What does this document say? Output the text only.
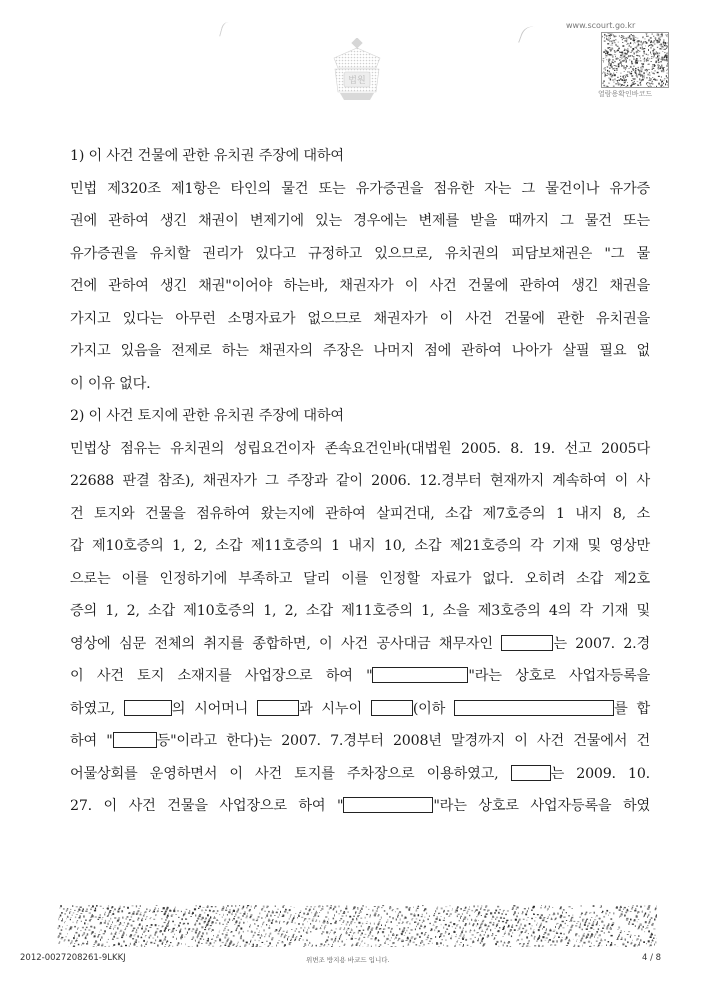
법원
www.scourt.go.kr
열람용확인바코드
1) 이 사건 건물에 관한 유치권 주장에 대하여
민법 제320조 제1항은 타인의 물건 또는 유가증권을 점유한 자는 그 물건이나 유가증
권에 관하여 생긴 채권이 변제기에 있는 경우에는 변제를 받을 때까지 그 물건 또는
유가증권을 유치할 권리가 있다고 규정하고 있으므로, 유치권의 피담보채권은 "그 물
건에 관하여 생긴 채권"이어야 하는바, 채권자가 이 사건 건물에 관하여 생긴 채권을
가지고 있다는 아무런 소명자료가 없으므로 채권자가 이 사건 건물에 관한 유치권을
가지고 있음을 전제로 하는 채권자의 주장은 나머지 점에 관하여 나아가 살필 필요 없
이 이유 없다.
2) 이 사건 토지에 관한 유치권 주장에 대하여
민법상 점유는 유치권의 성립요건이자 존속요건인바(대법원 2005. 8. 19. 선고 2005다
22688 판결 참조), 채권자가 그 주장과 같이 2006. 12.경부터 현재까지 계속하여 이 사
건 토지와 건물을 점유하여 왔는지에 관하여 살피건대, 소갑 제7호증의 1 내지 8, 소
갑 제10호증의 1, 2, 소갑 제11호증의 1 내지 10, 소갑 제21호증의 각 기재 및 영상만
으로는 이를 인정하기에 부족하고 달리 이를 인정할 자료가 없다. 오히려 소갑 제2호
증의 1, 2, 소갑 제10호증의 1, 2, 소갑 제11호증의 1, 소을 제3호증의 4의 각 기재 및
영상에 심문 전체의 취지를 종합하면, 이 사건 공사대금 채무자인	는 2007. 2.경
이 사건 토지 소재지를 사업장으로 하여 "	"라는 상호로 사업자등록을
하였고,	의 시어머니	과 시누이	(이하	를 합
하여 "	등"이라고 한다)는 2007. 7.경부터 2008년 말경까지 이 사건 건물에서 건
어물상회를 운영하면서 이 사건 토지를 주차장으로 이용하였고,	는 2009. 10.
27. 이 사건 건물을 사업장으로 하여 "	"라는 상호로 사업자등록을 하였
2012-0027208261-9LKKJ	위변조 방지용 바코드 입니다.	4 / 8
